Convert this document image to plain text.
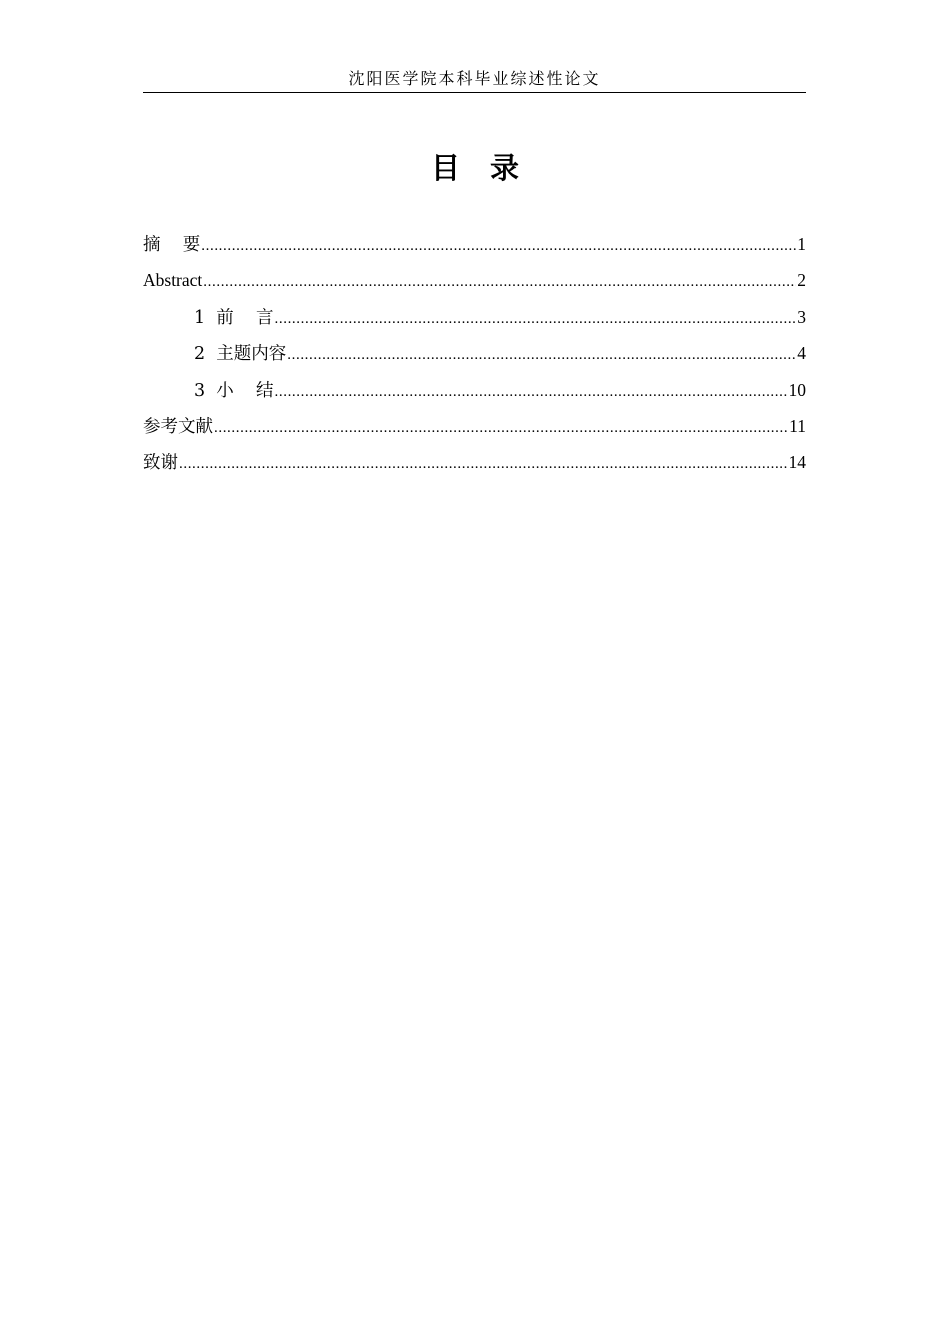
沈阳医学院本科毕业综述性论文
目 录
摘    要 .....	1
Abstract .....	2
1  前    言 .....	3
2  主题内容 .....	4
3  小    结 .....	10
参考文献 .....	11
致谢 .....	14
